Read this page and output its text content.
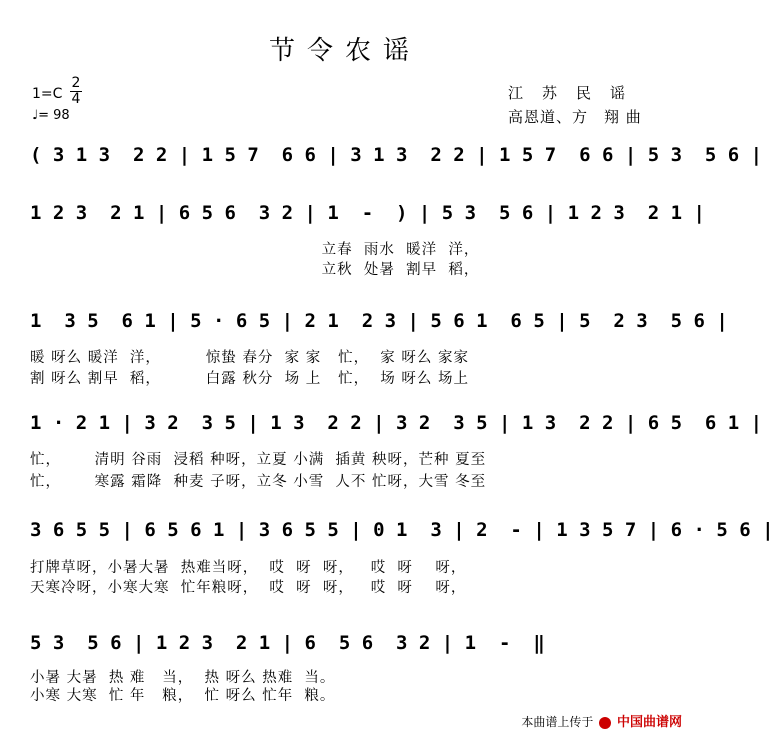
节令农谣
1=C
2
4
♩= 98
江　苏　民　谣
高恩道、方　翔 曲
( 3 1 3  2 2 | 1 5 7  6 6 | 3 1 3  2 2 | 1 5 7  6 6 | 5 3  5 6 |
1 2 3  2 1 | 6 5 6  3 2 | 1  -  ) | 5 3  5 6 | 1 2 3  2 1 |
立春  雨水  暖洋  洋，
立秋  处暑  割早  稻，
1  3 5  6 1 | 5 · 6 5 | 2 1  2 3 | 5 6 1  6 5 | 5  2 3  5 6 |
暖 呀么 暖洋  洋，        惊蛰 春分  家 家   忙，  家 呀么 家家
割 呀么 割早  稻，        白露 秋分  场 上   忙，  场 呀么 场上
1 · 2 1 | 3 2  3 5 | 1 3  2 2 | 3 2  3 5 | 1 3  2 2 | 6 5  6 1 |
忙，      清明 谷雨  浸稻 种呀，立夏 小满  插黄 秧呀，芒种 夏至
忙，      寒露 霜降  种麦 子呀，立冬 小雪  人不 忙呀，大雪 冬至
3 6 5 5 | 6 5 6 1 | 3 6 5 5 | 0 1  3 | 2  - | 1 3 5 7 | 6 · 5 6 |
打牌草呀，小暑大暑  热难当呀，  哎  呀  呀，   哎  呀    呀，
天寒冷呀，小寒大寒  忙年粮呀，  哎  呀  呀，   哎  呀    呀，
5 3  5 6 | 1 2 3  2 1 | 6  5 6  3 2 | 1  -  ‖
小暑 大暑  热 难   当，  热 呀么 热难  当。
小寒 大寒  忙 年   粮，  忙 呀么 忙年  粮。
本曲谱上传于 中国曲谱网
